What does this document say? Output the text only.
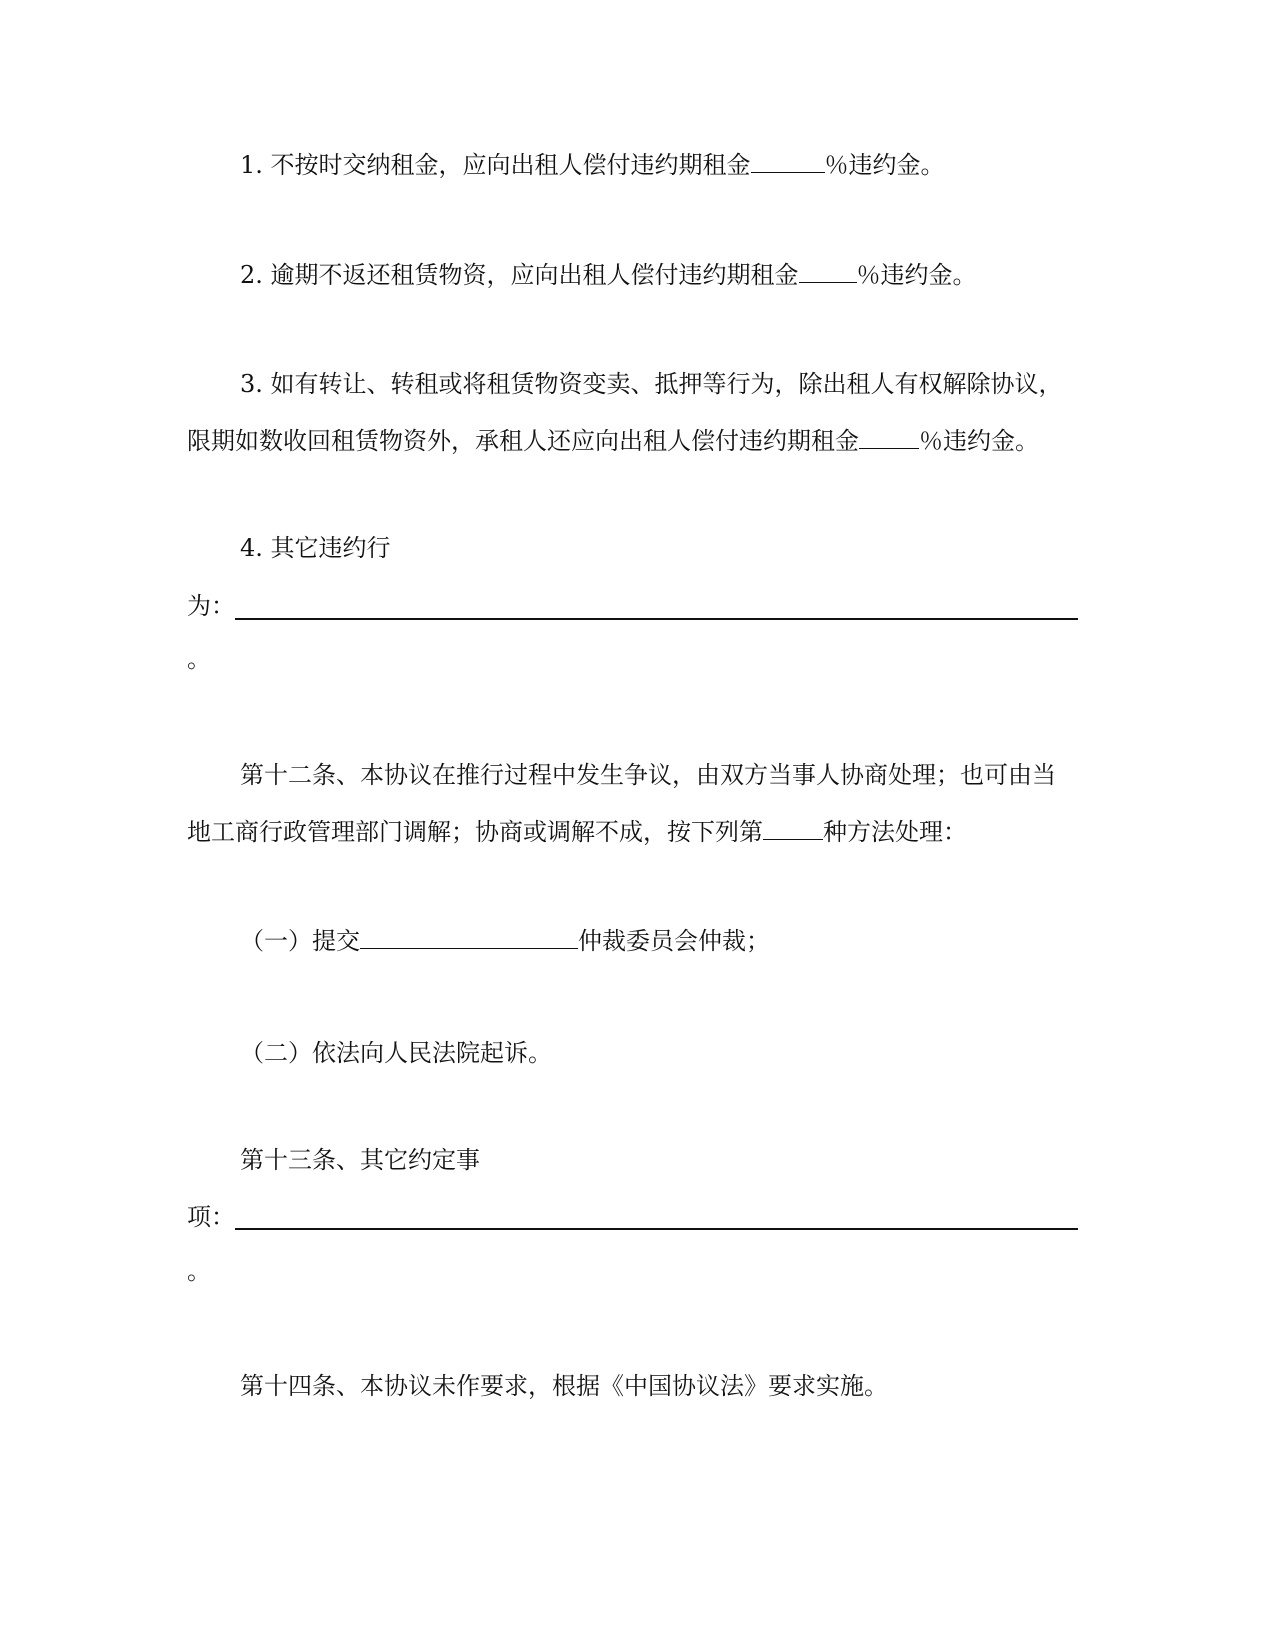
1. 不按时交纳租金，应向出租人偿付违约期租金	％违约金。
2. 逾期不返还租赁物资，应向出租人偿付违约期租金 ％违约金。
3. 如有转让、转租或将租赁物资变卖、抵押等行为，除出租人有权解除协议，
限期如数收回租赁物资外，承租人还应向出租人偿付违约期租金	％违约金。
4. 其它违约行
为：
。
第十二条、本协议在推行过程中发生争议，由双方当事人协商处理；也可由当
地工商行政管理部门调解；协商或调解不成，按下列第	种方法处理：
（一）提交	仲裁委员会仲裁；
（二）依法向人民法院起诉。
第十三条、其它约定事
项：
。
第十四条、本协议未作要求，根据《中国协议法》要求实施。
